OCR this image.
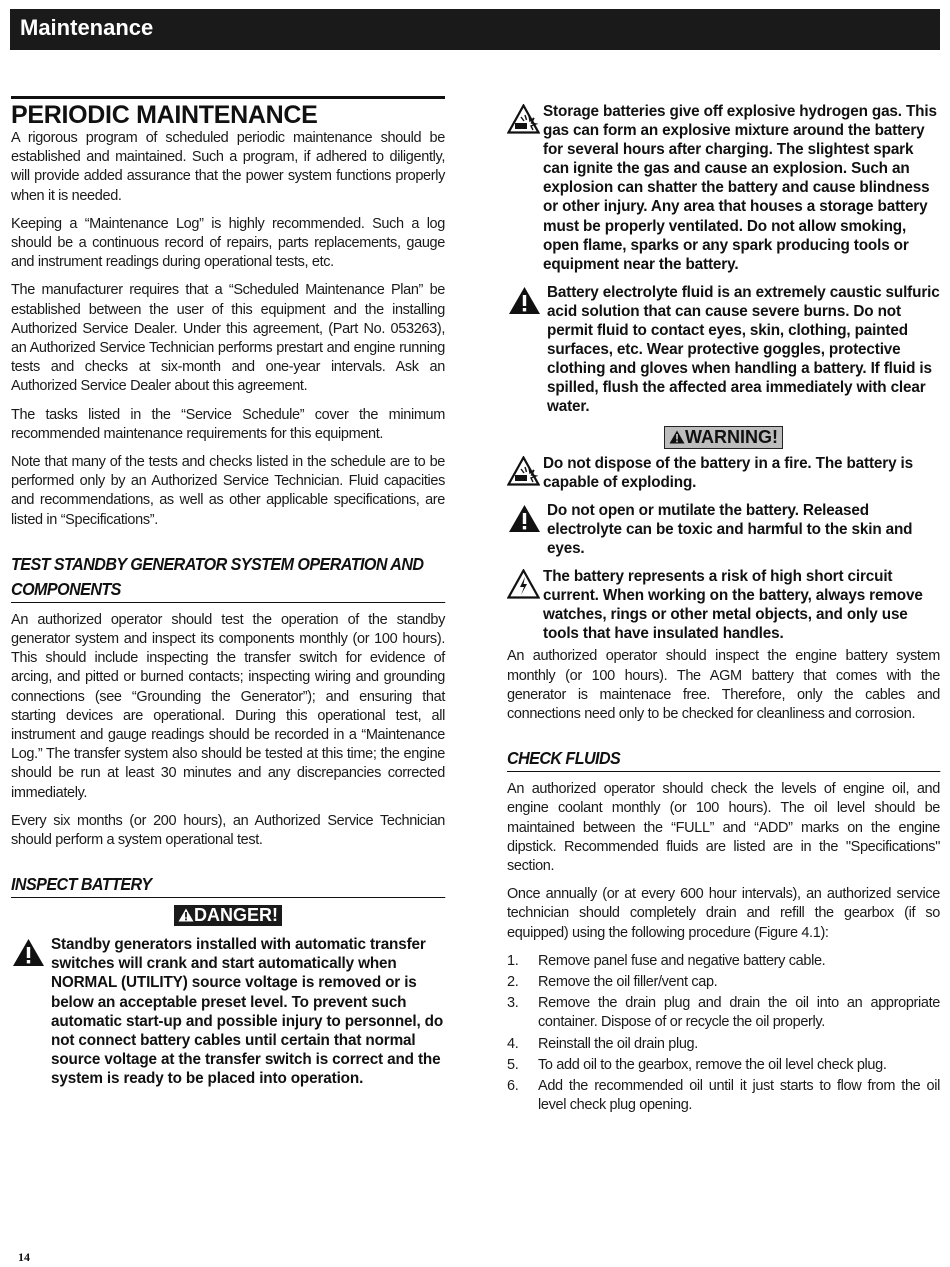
Maintenance
PERIODIC MAINTENANCE

A rigorous program of scheduled periodic maintenance should be established and maintained. Such a program, if adhered to diligently, will provide added assurance that the power system functions properly when it is needed.

Keeping a “Maintenance Log” is highly recommended. Such a log should be a continuous record of repairs, parts replacements, gauge and instrument readings during operational tests, etc.

The manufacturer requires that a “Scheduled Maintenance Plan” be established between the user of this equipment and the installing Authorized Service Dealer. Under this agreement, (Part No. 053263), an Authorized Service Technician performs prestart and engine running tests and checks at six-month and one-year intervals. Ask an Authorized Service Dealer about this agreement.

The tasks listed in the “Service Schedule” cover the minimum recommended maintenance requirements for this equipment.

Note that many of the tests and checks listed in the schedule are to be performed only by an Authorized Service Technician. Fluid capacities and recommendations, as well as other applicable specifications, are listed in “Specifications”.

TEST STANDBY GENERATOR SYSTEM OPERATION AND COMPONENTS

An authorized operator should test the operation of the standby generator system and inspect its components monthly (or 100 hours). This should include inspecting the transfer switch for evidence of arcing, and pitted or burned contacts; inspecting wiring and grounding connections (see “Grounding the Generator”); and ensuring that starting devices are operational. During this operational test, all instrument and gauge readings should be recorded in a “Maintenance Log.” The transfer system also should be tested at this time; the engine should be run at least 30 minutes and any discrepancies corrected immediately.

Every six months (or 200 hours), an Authorized Service Technician should perform a system operational test.

INSPECT BATTERY
DANGER!
Standby generators installed with automatic transfer switches will crank and start automatically when NORMAL (UTILITY) source voltage is removed or is below an acceptable preset level. To prevent such automatic start-up and possible injury to personnel, do not connect battery cables until certain that normal source voltage at the transfer switch is correct and the system is ready to be placed into operation.
Storage batteries give off explosive hydrogen gas. This gas can form an explosive mixture around the battery for several hours after charging. The slightest spark can ignite the gas and cause an explosion. Such an explosion can shatter the battery and cause blindness or other injury. Any area that houses a storage battery must be properly ventilated. Do not allow smoking, open flame, sparks or any spark producing tools or equipment near the battery.
Battery electrolyte fluid is an extremely caustic sulfuric acid solution that can cause severe burns. Do not permit fluid to contact eyes, skin, clothing, painted surfaces, etc. Wear protective goggles, protective clothing and gloves when handling a battery. If fluid is spilled, flush the affected area immediately with clear water.
WARNING!
Do not dispose of the battery in a fire. The battery is capable of exploding.
Do not open or mutilate the battery. Released electrolyte can be toxic and harmful to the skin and eyes.
The battery represents a risk of high short circuit current. When working on the battery, always remove watches, rings or other metal objects, and only use tools that have insulated handles.

An authorized operator should inspect the engine battery system monthly (or 100 hours). The AGM battery that comes with the generator is maintenace free. Therefore, only the cables and connections need only to be checked for cleanliness and corrosion.

CHECK FLUIDS

An authorized operator should check the levels of engine oil, and engine coolant monthly (or 100 hours). The oil level should be maintained between the “FULL” and “ADD” marks on the engine dipstick. Recommended fluids are listed are in the "Specifications" section.

Once annually (or at every 600 hour intervals), an authorized service technician should completely drain and refill the gearbox (if so equipped) using the following procedure (Figure 4.1):

1. Remove panel fuse and negative battery cable.
2. Remove the oil filler/vent cap.
3. Remove the drain plug and drain the oil into an appropriate container. Dispose of or recycle the oil properly.
4. Reinstall the oil drain plug.
5. To add oil to the gearbox, remove the oil level check plug.
6. Add the recommended oil until it just starts to flow from the oil level check plug opening.
14
